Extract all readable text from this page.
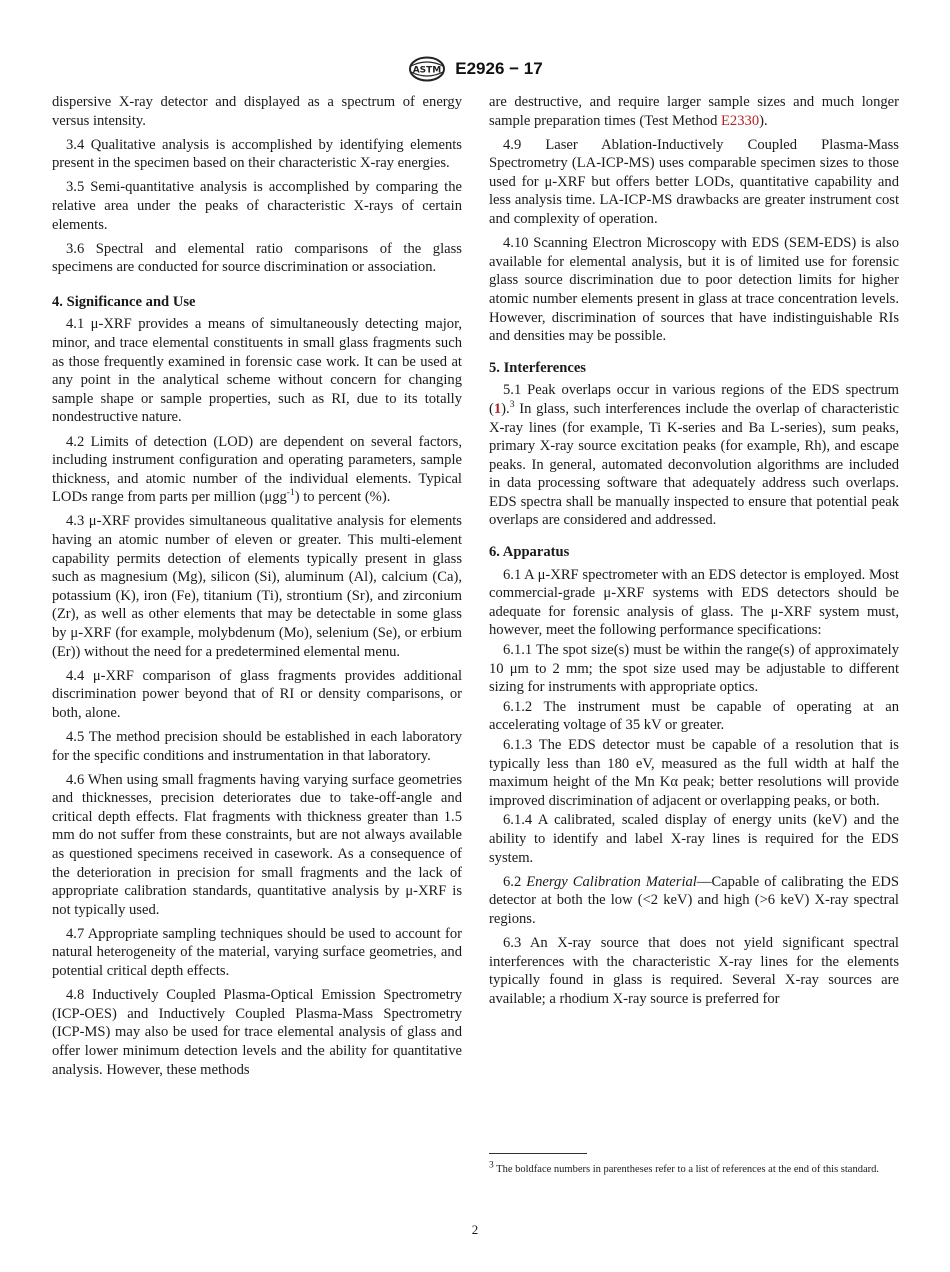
ASTM E2926 − 17

dispersive X-ray detector and displayed as a spectrum of energy versus intensity.

3.4 Qualitative analysis is accomplished by identifying elements present in the specimen based on their characteristic X-ray energies.

3.5 Semi-quantitative analysis is accomplished by comparing the relative area under the peaks of characteristic X-rays of certain elements.

3.6 Spectral and elemental ratio comparisons of the glass specimens are conducted for source discrimination or association.

4. Significance and Use

4.1 μ-XRF provides a means of simultaneously detecting major, minor, and trace elemental constituents in small glass fragments such as those frequently examined in forensic case work. It can be used at any point in the analytical scheme without concern for changing sample shape or sample properties, such as RI, due to its totally nondestructive nature.

4.2 Limits of detection (LOD) are dependent on several factors, including instrument configuration and operating parameters, sample thickness, and atomic number of the individual elements. Typical LODs range from parts per million (μgg$^{-1}$) to percent (%).

4.3 μ-XRF provides simultaneous qualitative analysis for elements having an atomic number of eleven or greater. This multi-element capability permits detection of elements typically present in glass such as magnesium (Mg), silicon (Si), aluminum (Al), calcium (Ca), potassium (K), iron (Fe), titanium (Ti), strontium (Sr), and zirconium (Zr), as well as other elements that may be detectable in some glass by μ-XRF (for example, molybdenum (Mo), selenium (Se), or erbium (Er)) without the need for a predetermined elemental menu.

4.4 μ-XRF comparison of glass fragments provides additional discrimination power beyond that of RI or density comparisons, or both, alone.

4.5 The method precision should be established in each laboratory for the specific conditions and instrumentation in that laboratory.

4.6 When using small fragments having varying surface geometries and thicknesses, precision deteriorates due to take-off-angle and critical depth effects. Flat fragments with thickness greater than 1.5 mm do not suffer from these constraints, but are not always available as questioned specimens received in casework. As a consequence of the deterioration in precision for small fragments and the lack of appropriate calibration standards, quantitative analysis by μ-XRF is not typically used.

4.7 Appropriate sampling techniques should be used to account for natural heterogeneity of the material, varying surface geometries, and potential critical depth effects.

4.8 Inductively Coupled Plasma-Optical Emission Spectrometry (ICP-OES) and Inductively Coupled Plasma-Mass Spectrometry (ICP-MS) may also be used for trace elemental analysis of glass and offer lower minimum detection levels and the ability for quantitative analysis. However, these methods

are destructive, and require larger sample sizes and much longer sample preparation times (Test Method E2330).

4.9 Laser Ablation-Inductively Coupled Plasma-Mass Spectrometry (LA-ICP-MS) uses comparable specimen sizes to those used for μ-XRF but offers better LODs, quantitative capability and less analysis time. LA-ICP-MS drawbacks are greater instrument cost and complexity of operation.

4.10 Scanning Electron Microscopy with EDS (SEM-EDS) is also available for elemental analysis, but it is of limited use for forensic glass source discrimination due to poor detection limits for higher atomic number elements present in glass at trace concentration levels. However, discrimination of sources that have indistinguishable RIs and densities may be possible.

5. Interferences

5.1 Peak overlaps occur in various regions of the EDS spectrum (1).$^3$ In glass, such interferences include the overlap of characteristic X-ray lines (for example, Ti K-series and Ba L-series), sum peaks, primary X-ray source excitation peaks (for example, Rh), and escape peaks. In general, automated deconvolution algorithms are included in data processing software that adequately address such overlaps. EDS spectra shall be manually inspected to ensure that potential peak overlaps are considered and addressed.

6. Apparatus

6.1 A μ-XRF spectrometer with an EDS detector is employed. Most commercial-grade μ-XRF systems with EDS detectors should be adequate for forensic analysis of glass. The μ-XRF system must, however, meet the following performance specifications:

6.1.1 The spot size(s) must be within the range(s) of approximately 10 μm to 2 mm; the spot size used may be adjustable to different sizing for instruments with appropriate optics.

6.1.2 The instrument must be capable of operating at an accelerating voltage of 35 kV or greater.

6.1.3 The EDS detector must be capable of a resolution that is typically less than 180 eV, measured as the full width at half the maximum height of the Mn Kα peak; better resolutions will provide improved discrimination of adjacent or overlapping peaks, or both.

6.1.4 A calibrated, scaled display of energy units (keV) and the ability to identify and label X-ray lines is required for the EDS system.

6.2 Energy Calibration Material—Capable of calibrating the EDS detector at both the low (<2 keV) and high (>6 keV) X-ray spectral regions.

6.3 An X-ray source that does not yield significant spectral interferences with the characteristic X-ray lines for the elements typically found in glass is required. Several X-ray sources are available; a rhodium X-ray source is preferred for

$^3$ The boldface numbers in parentheses refer to a list of references at the end of this standard.
2
